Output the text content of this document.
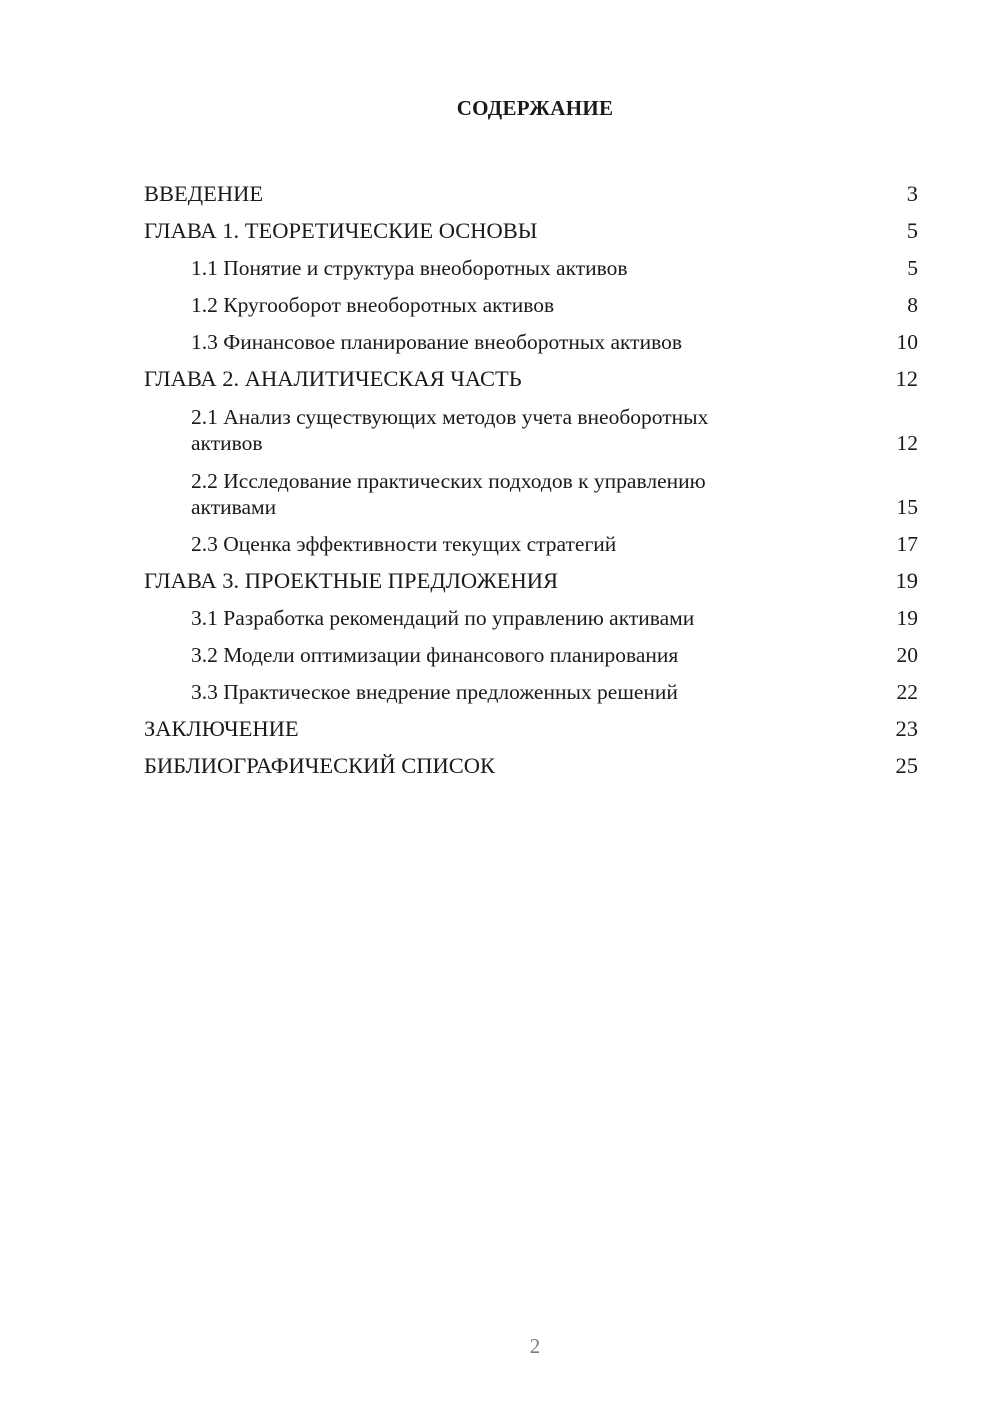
СОДЕРЖАНИЕ
ВВЕДЕНИЕ	3
ГЛАВА 1. ТЕОРЕТИЧЕСКИЕ ОСНОВЫ	5
1.1 Понятие и структура внеоборотных активов	5
1.2 Кругооборот внеоборотных активов	8
1.3 Финансовое планирование внеоборотных активов	10
ГЛАВА 2. АНАЛИТИЧЕСКАЯ ЧАСТЬ	12
2.1 Анализ существующих методов учета внеоборотных активов	12
2.2 Исследование практических подходов к управлению активами	15
2.3 Оценка эффективности текущих стратегий	17
ГЛАВА 3. ПРОЕКТНЫЕ ПРЕДЛОЖЕНИЯ	19
3.1 Разработка рекомендаций по управлению активами	19
3.2 Модели оптимизации финансового планирования	20
3.3 Практическое внедрение предложенных решений	22
ЗАКЛЮЧЕНИЕ	23
БИБЛИОГРАФИЧЕСКИЙ СПИСОК	25
2
